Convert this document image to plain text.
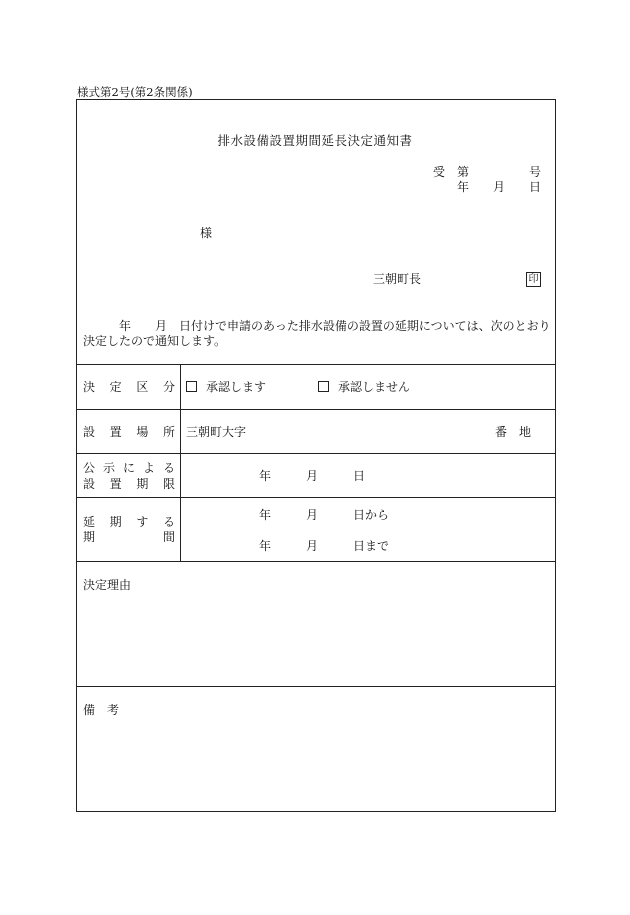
様式第2号(第2条関係)
排水設備設置期間延長決定通知書
受 第	号
年 月 日
様
三朝町長	印
年 月 日付けで申請のあった排水設備の設置の延期については、次のとおり
決定したので通知します。
決 定 区 分	承認します	承認しません
設 置 場 所 三朝町大字	番　地
公 示 に よ る
設 置 期 限
年	月	日
延 期 す る
期	間
年	月	日から
年	月	日まで
決定理由
備　考
